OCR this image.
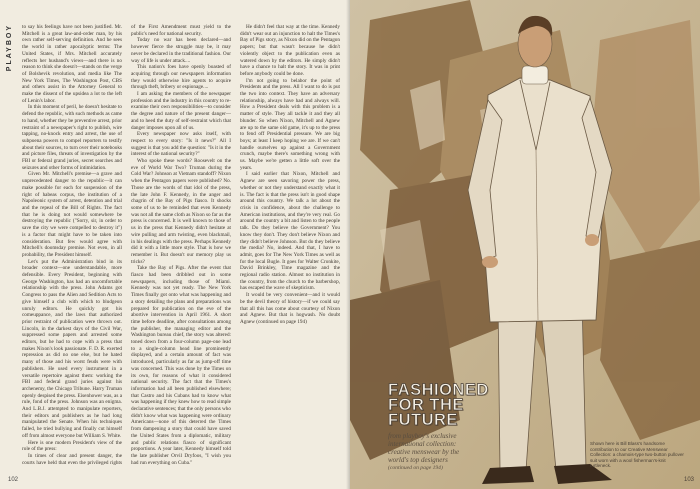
PLAYBOY to say his feelings have not been justified. Mr. Mitchell is a great law-and-order man, by his own rather self-serving definition. And he sees the world in rather apocalyptic terms: The United States, if Mrs. Mitchell accurately reflects her husband's views—and there is no reason to think she doesn't—stands on the verge of Bolshevik revolution, and media like The New York Times, The Washington Post, CBS and others assist in the Attorney General to make the dissent of the upsidea a lot to the left of Lenin's labor.

In this moment of peril, he doesn't hesitate to defend the republic, with such methods as came to hand, whether they be preventive arrest, prior restraint of a newspaper's right to publish, wire tapping, no-knock entry and arrest, the use of subpoena powers to compel reporters to testify about their sources, to turn over their notebooks and picture files, threats of investigation by the FBI or federal grand juries, secret searches and seizures and other forms of intimidation.

Given Mr. Mitchell's premise—a grave and unprecedented danger to the republic—it can make possible for each for suspension of the right of habeas corpus, the institution of a Napoleonic system of arrest, detention and trial and the repeal of the Bill of Rights. The fact that he is doing not would somewhere be destroying the republic ("Sorry, sir, in order to save the city we were compelled to destroy it") is a factor that might have to be taken into consideration. But few would agree with Mitchell's doomsday premise. Not even, in all probability, the President himself.

Let's put the Administration bind in its broader context—one understandable, more defensible. Every President, beginning with George Washington, has had an uncomfortable relationship with the press. John Adams got Congress to pass the Alien and Sedition Acts to give himself a club with which to bludgeon unruly editors. He quickly got his comeuppance, and the laws that authorized prior restraint of publication were thrown out. Lincoln, in the darkest days of the Civil War, suppressed some papers and arrested some editors, but he had to cope with a press that makes Nixon's look passionate. F. D. R. exerted repression as did no one else, but he hated many of those and his worst feuds were with publishers. He used every instrument in a versatile repertoire against them: working the FBI and federal grand juries against his archenemy, the Chicago Tribune. Harry Truman openly despised the press. Eisenhower was, as a rule, fond of the press. Johnson was an enigma. And L.B.J. attempted to manipulate reporters, their editors and publishers as he had long manipulated the Senate. When his techniques failed, he tried bullying and finally cut himself off from almost everyone but William S. White.

Here is one modern President's view of the role of the press:

In times of clear and present danger, the courts have held that even the privileged rights of the First Amendment must yield to the public's need for national security.

Today no war has been declared—and however fierce the struggle may be, it may never be declared in the traditional fashion. Our way of life is under attack....

This nation's foes have openly boasted of acquiring through our newspapers information they would otherwise hire agents to acquire through theft, bribery or espionage....

I am asking the members of the newspaper profession and the industry in this country to re-examine their own responsibilities—to consider the degree and nature of the present danger—and to heed the duty of self-restraint which that danger imposes upon all of us.

Every newspaper now asks itself, with respect to every story: "Is it news?" All I suggest is that you add the question: "Is it in the interest of the national security?"

Who spoke these words? Roosevelt on the eve of World War Two? Truman during the Cold War? Johnson at Vietnam standoff? Nixon when the Pentagon papers were published? No. Those are the words of that idol of the press, the late John F. Kennedy, in the anger and chagrin of the Bay of Pigs fiasco. It shocks some of us to be reminded that even Kennedy was not all the same cloth as Nixon so far as the press is concerned. It is well known to those of us in the press that Kennedy didn't hesitate at wire pulling and arm twisting, even blackmail, in his dealings with the press. Perhaps Kennedy did it with a little more style. That is how we remember it. But doesn't our memory play us tricks?

Take the Bay of Pigs. After the event that fiasco had been dribbled out in some newspapers, including those of Miami. Kennedy was not yet ready. The New York Times finally got onto what was happening and a story detailing the plans and preparations was prepared for publication on the eve of the abortive intervention in April 1961. A short time before deadline, after consultations among the publisher, the managing editor and the Washington bureau chief, the story was altered: toned down from a four-column page-one lead to a single-column head line prominently displayed, and a certain amount of fact was introduced, particularly as far as jump-off time was concerned. This was done by the Times on its own, for reasons of what it considered national security. The fact that the Times's information had all been published elsewhere; that Castro and his Cubans had to know what was happening if they knew how to read simple declarative sentences; that the only persons who didn't know what was happening were ordinary Americans—none of this deterred the Times from dampening a story that could have saved the United States from a diplomatic, military and public relations fiasco of significant proportions. A year later, Kennedy himself told the late publisher Orvil Dryfoos, "I wish you had run everything on Cuba."

He didn't feel that way at the time. Kennedy didn't wear out an injunction to halt the Times's Bay of Pigs story, as Nixon did on the Pentagon papers; but that wasn't because he didn't violently object to the publication even as watered down by the editors. He simply didn't have a chance to halt the story. It was in print before anybody could be done.

I'm not going to belabor the point of Presidents and the press. All I want to do is put the two into context. They have an adversary relationship, always have had and always will. How a President deals with this problem is a matter of style. They all tackle it and they all blunder. So when Nixon, Mitchell and Agnew are up to the same old game, it's up to the press to fend off Presidential pressure. We are big boys; at least I keep hoping we are. If we can't handle ourselves up against a Government crunch, maybe there's something wrong with us. Maybe we're getten a little soft over the years.

I said earlier that Nixon, Mitchell and Agnew are seen savoring power the press, whether or not they understand exactly what it is. The fact is that the press isn't in good shape around this country. We talk a lot about the crisis in confidence, about the challenge to American institutions, and they're very real. Go around the country a bit and listen to the people talk. Do they believe the Government? You know they don't. They don't believe Nixon and they didn't believe Johnson. But do they believe the media? No, indeed. And that, I have to admit, goes for The New York Times as well as for the local Bugle. It goes for Walter Cronkite, David Brinkley, Time magazine and the regional radio station. Almost no institution in the country, from the church to the barbershop, has escaped the wave of skepticism.

It would be very convenient—and it would be the devil theory of history—if we could say that all this has come about courtesy of Nixon and Agnew. But that is hogwash. No doubt Agnew (continued on page 194)

102
FASHIONED
FOR THE
FUTURE
from playboy's exclusive
international collection:
creative menswear by the
world's top designers
(continued on page 194)
Shown here is Bill Blass's handsome contribution to our Creative Menswear Collection: a chamois-type two-button pullover suit worn with a wool fisherman's-knit turtleneck.
103
